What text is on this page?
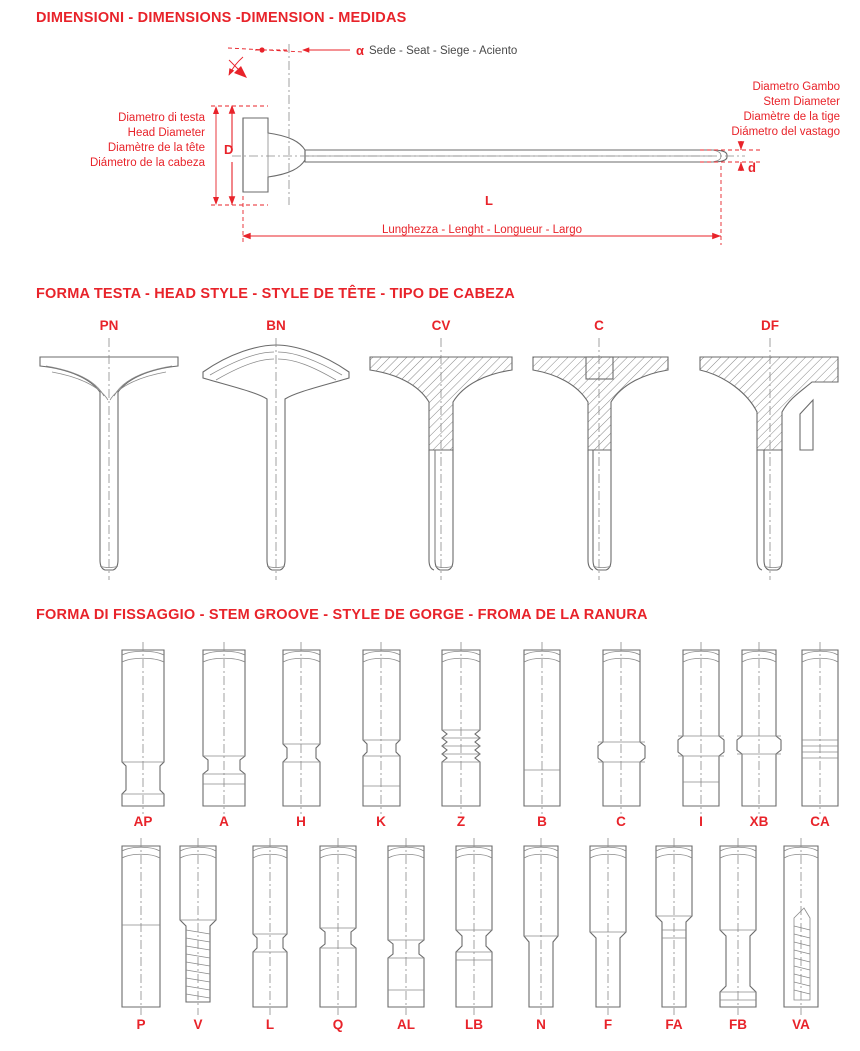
DIMENSIONI - DIMENSIONS -DIMENSION - MEDIDAS
FORMA TESTA - HEAD STYLE - STYLE DE TÊTE - TIPO DE CABEZA
FORMA DI FISSAGGIO - STEM GROOVE - STYLE DE GORGE - FROMA DE LA RANURA
α Sede - Seat - Siege - Aciento
D
Diametro di testa
Head Diameter
Diamètre de la tête
Diámetro de la cabeza	d
Diametro Gambo
Stem Diameter
Diamètre de la tige
Diámetro del vastago
L
Lunghezza - Lenght - Longueur - Largo
PN	BN	CV	C	DF
AP	A	H	K	Z	B	C	I	XB	CA
P	V	L	Q	AL	LB	N	F	FA	FB	VA
